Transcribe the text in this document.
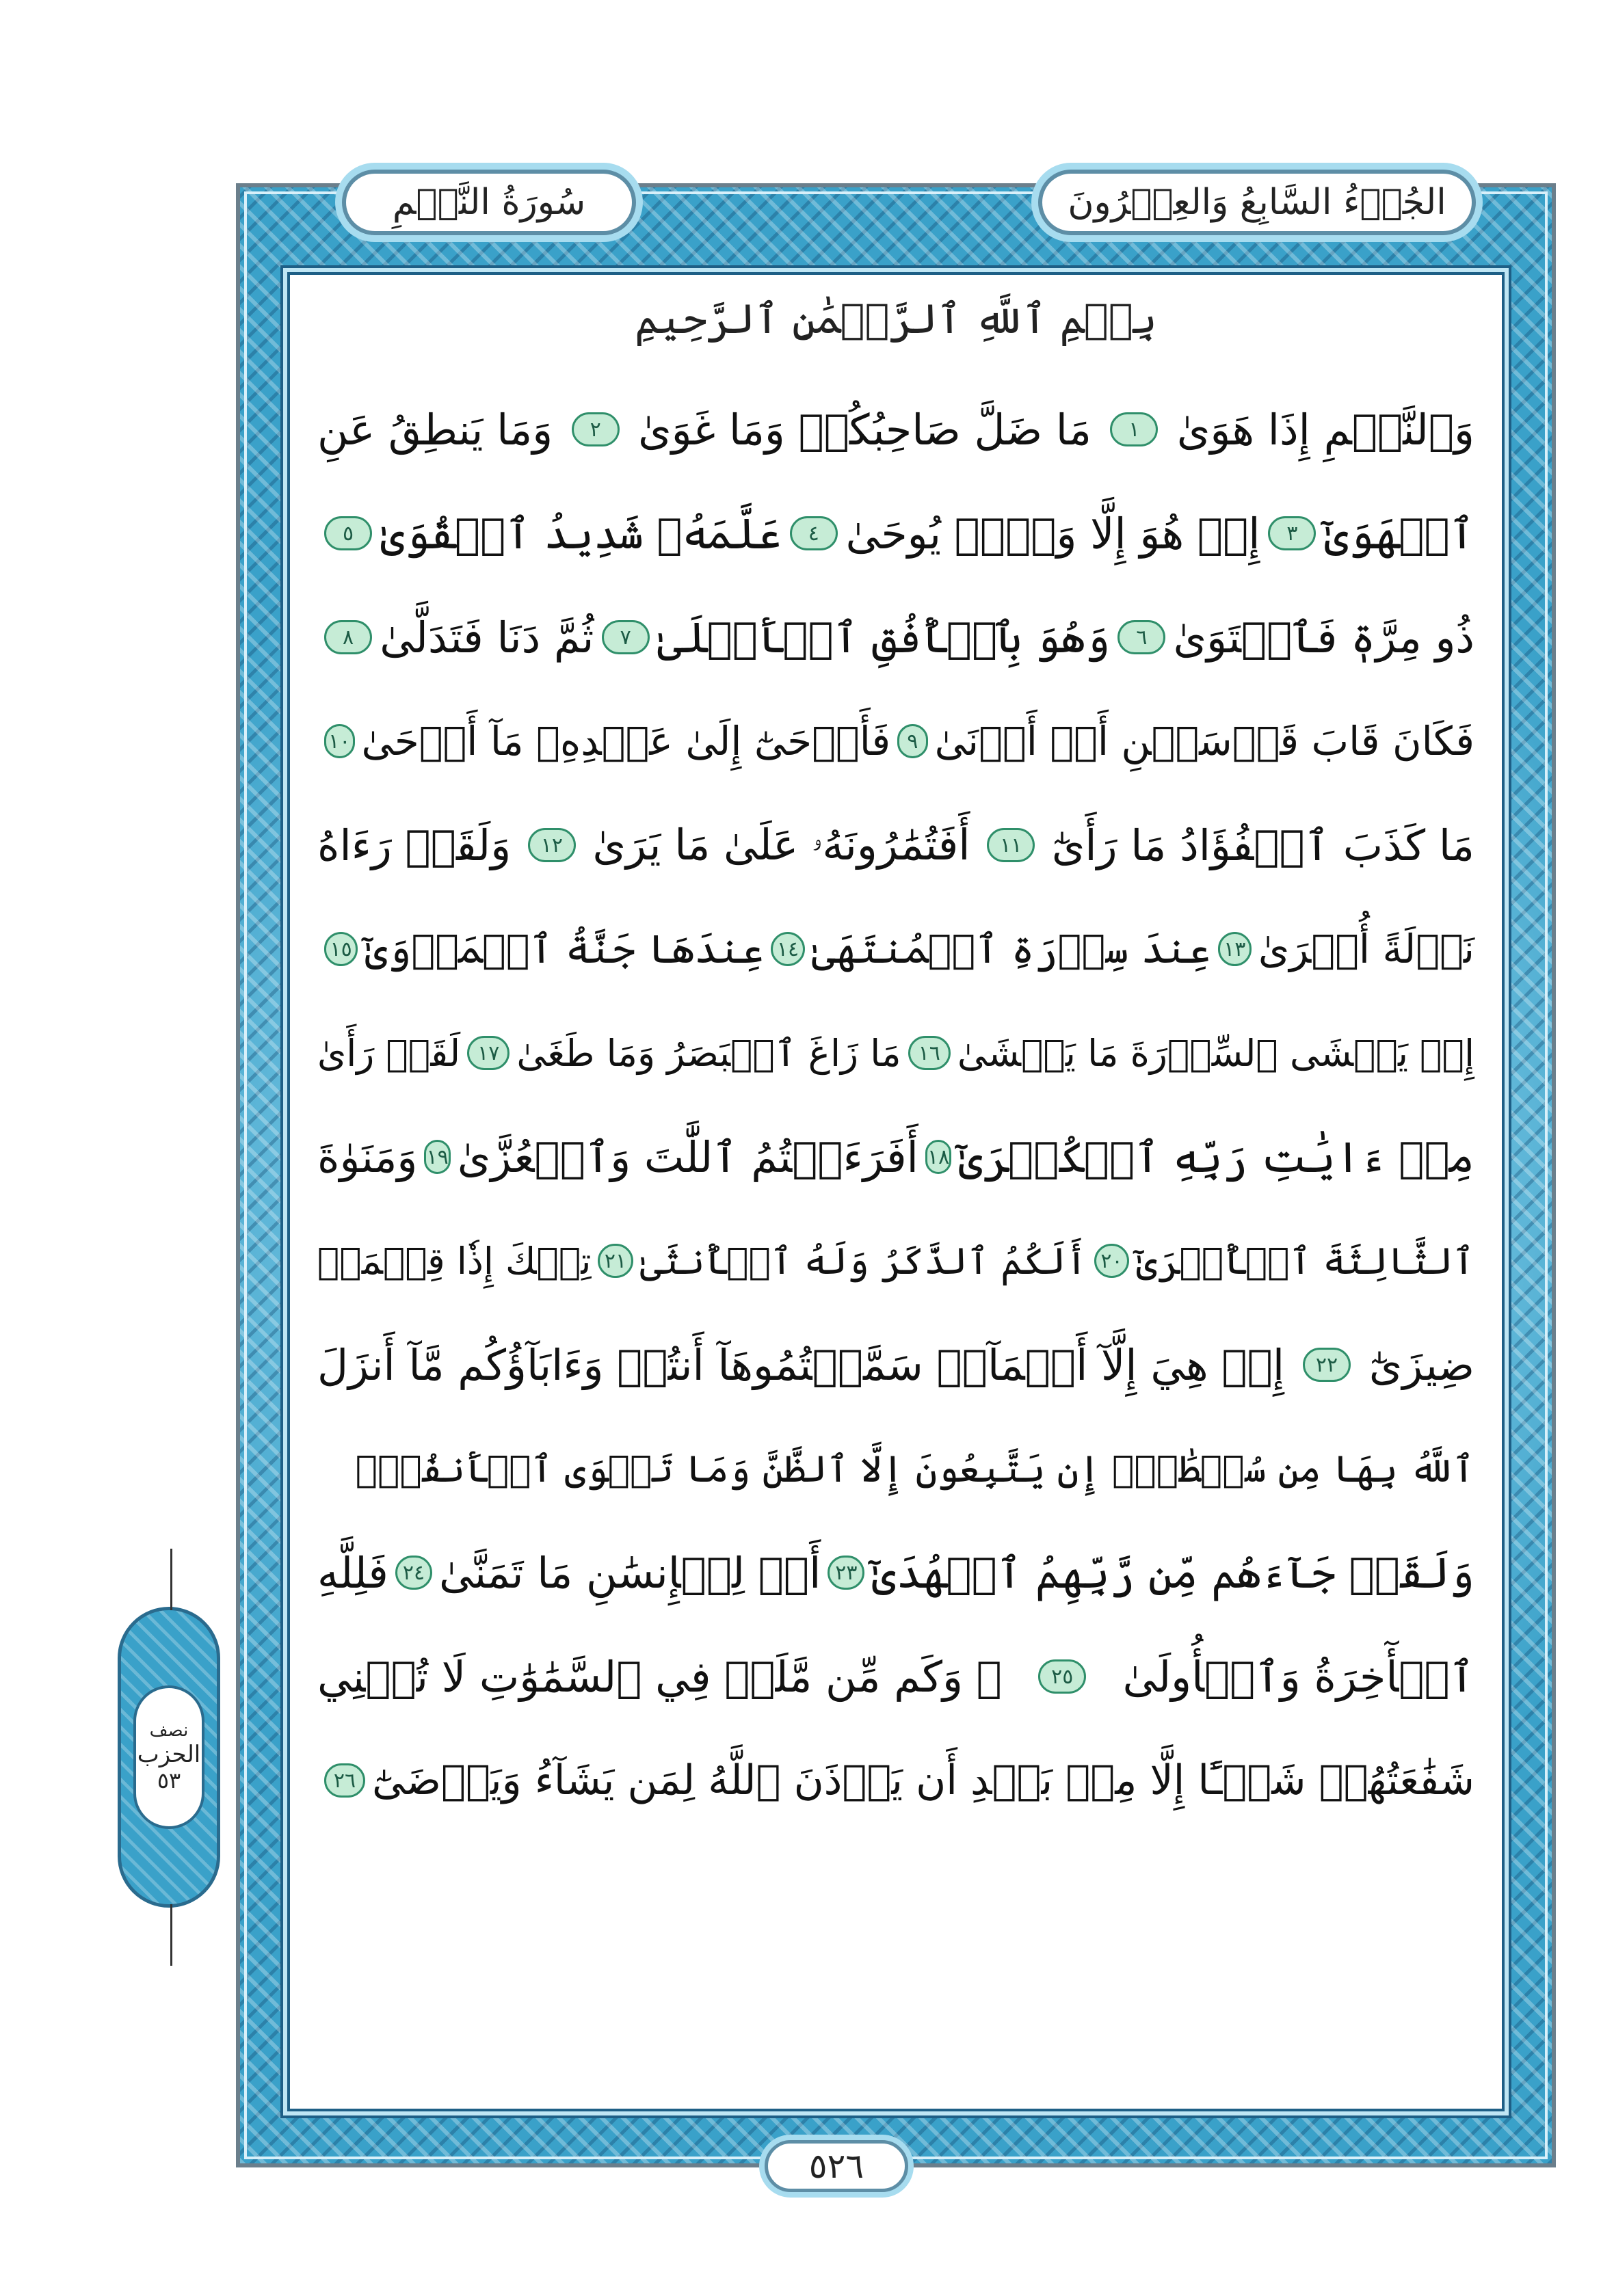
سُورَةُ النَّجۡمِ	الجُزۡءُ السَّابِعُ وَالعِشۡرُونَ
بِسۡمِ ٱللَّهِ ٱلرَّحۡمَٰنِ ٱلرَّحِيمِ
وَٱلنَّجۡمِ إِذَا هَوَىٰ
١
مَا ضَلَّ صَاحِبُكُمۡ وَمَا غَوَىٰ
٢
وَمَا يَنطِقُ عَنِ
ٱلۡهَوَىٰٓ
٣
إِنۡ هُوَ إِلَّا وَحۡيٞ يُوحَىٰ
٤
عَلَّمَهُۥ شَدِيدُ ٱلۡقُوَىٰ
٥
ذُو مِرَّةٖ فَٱسۡتَوَىٰ
٦
وَهُوَ بِٱلۡأُفُقِ ٱلۡأَعۡلَىٰ
٧
ثُمَّ دَنَا فَتَدَلَّىٰ
٨
فَكَانَ قَابَ قَوۡسَيۡنِ أَوۡ أَدۡنَىٰ
٩
فَأَوۡحَىٰٓ إِلَىٰ عَبۡدِهِۦ مَآ أَوۡحَىٰ
١٠
مَا كَذَبَ ٱلۡفُؤَادُ مَا رَأَىٰٓ
١١
أَفَتُمَٰرُونَهُۥ عَلَىٰ مَا يَرَىٰ
١٢
وَلَقَدۡ رَءَاهُ
نَزۡلَةً أُخۡرَىٰ
١٣
عِندَ سِدۡرَةِ ٱلۡمُنتَهَىٰ
١٤
عِندَهَا جَنَّةُ ٱلۡمَأۡوَىٰٓ
١٥
إِذۡ يَغۡشَى ٱلسِّدۡرَةَ مَا يَغۡشَىٰ
١٦
مَا زَاغَ ٱلۡبَصَرُ وَمَا طَغَىٰ
١٧
لَقَدۡ رَأَىٰ
مِنۡ ءَايَٰتِ رَبِّهِ ٱلۡكُبۡرَىٰٓ
١٨
أَفَرَءَيۡتُمُ ٱللَّٰتَ وَٱلۡعُزَّىٰ
١٩
وَمَنَوٰةَ
ٱلثَّالِثَةَ ٱلۡأُخۡرَىٰٓ
٢٠
أَلَكُمُ ٱلذَّكَرُ وَلَهُ ٱلۡأُنثَىٰ
٢١
تِلۡكَ إِذٗا قِسۡمَةٞ
ضِيزَىٰٓ
٢٢
إِنۡ هِيَ إِلَّآ أَسۡمَآءٞ سَمَّيۡتُمُوهَآ أَنتُمۡ وَءَابَآؤُكُم مَّآ أَنزَلَ
ٱللَّهُ بِهَا مِن سُلۡطَٰنٍۚ إِن يَتَّبِعُونَ إِلَّا ٱلظَّنَّ وَمَا تَهۡوَى ٱلۡأَنفُسُۖ
وَلَقَدۡ جَآءَهُم مِّن رَّبِّهِمُ ٱلۡهُدَىٰٓ
٢٣
أَمۡ لِلۡإِنسَٰنِ مَا تَمَنَّىٰ
٢٤
فَلِلَّهِ
ٱلۡأٓخِرَةُ وَٱلۡأُولَىٰ
٢٥
۞ وَكَم مِّن مَّلَكٖ فِي ٱلسَّمَٰوَٰتِ لَا تُغۡنِي
شَفَٰعَتُهُمۡ شَيۡـًٔا إِلَّا مِنۢ بَعۡدِ أَن يَأۡذَنَ ٱللَّهُ لِمَن يَشَآءُ وَيَرۡضَىٰٓ
٢٦
٥٢٦
نصف
الحزب
٥٣
